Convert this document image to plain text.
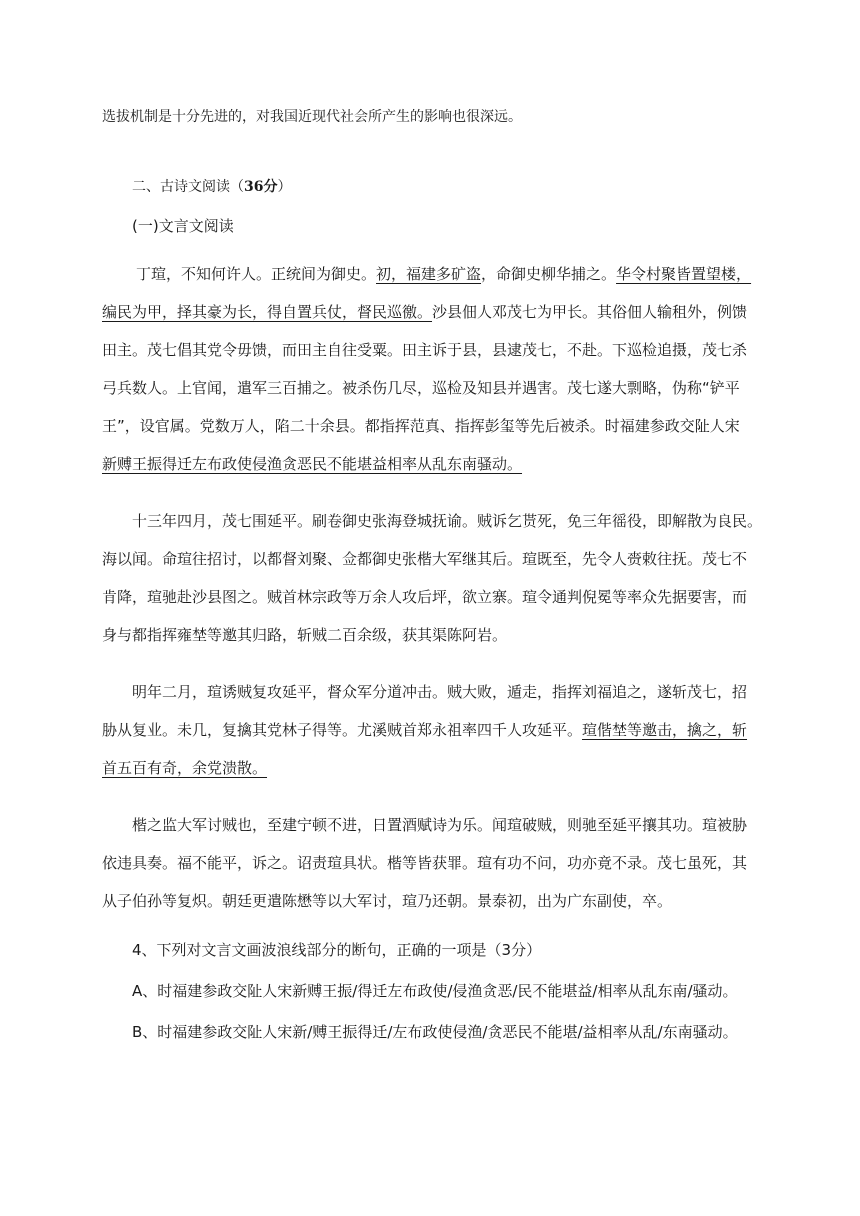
选拔机制是十分先进的，对我国近现代社会所产生的影响也很深远。
二、古诗文阅读（36分）
(一)文言文阅读
丁瑄，不知何许人。正统间为御史。初，福建多矿盗，命御史柳华捕之。华令村聚皆置望楼，
编民为甲，择其豪为长，得自置兵仗，督民巡徼。沙县佃人邓茂七为甲长。其俗佃人输租外，例馈
田主。茂七倡其党令毋馈，而田主自往受粟。田主诉于县，县逮茂七，不赴。下巡检追摄，茂七杀
弓兵数人。上官闻，遣军三百捕之。被杀伤几尽，巡检及知县并遇害。茂七遂大剽略，伪称“铲平
王”，设官属。党数万人，陷二十余县。都指挥范真、指挥彭玺等先后被杀。时福建参政交阯人宋
新赙王振得迁左布政使侵渔贪恶民不能堪益相率从乱东南骚动。
十三年四月，茂七围延平。刷卷御史张海登城抚谕。贼诉乞贳死，免三年徭役，即解散为良民。
海以闻。命瑄往招讨，以都督刘聚、佥都御史张楷大军继其后。瑄既至，先令人赍敕往抚。茂七不
肯降，瑄驰赴沙县图之。贼首林宗政等万余人攻后坪，欲立寨。瑄令通判倪冕等率众先据要害，而
身与都指挥雍埜等邀其归路，斩贼二百余级，获其渠陈阿岩。
明年二月，瑄诱贼复攻延平，督众军分道冲击。贼大败，遁走，指挥刘福追之，遂斩茂七，招
胁从复业。未几，复擒其党林子得等。尤溪贼首郑永祖率四千人攻延平。瑄偕埜等邀击，擒之，斩
首五百有奇，余党溃散。
楷之监大军讨贼也，至建宁顿不进，日置酒赋诗为乐。闻瑄破贼，则驰至延平攘其功。瑄被胁
依违具奏。福不能平，诉之。诏责瑄具状。楷等皆获罪。瑄有功不问，功亦竟不录。茂七虽死，其
从子伯孙等复炽。朝廷更遣陈懋等以大军讨，瑄乃还朝。景泰初，出为广东副使，卒。
4、下列对文言文画波浪线部分的断句，正确的一项是（3分）
A、时福建参政交阯人宋新赙王振/得迁左布政使/侵渔贪恶/民不能堪益/相率从乱东南/骚动。
B、时福建参政交阯人宋新/赙王振得迁/左布政使侵渔/贪恶民不能堪/益相率从乱/东南骚动。
